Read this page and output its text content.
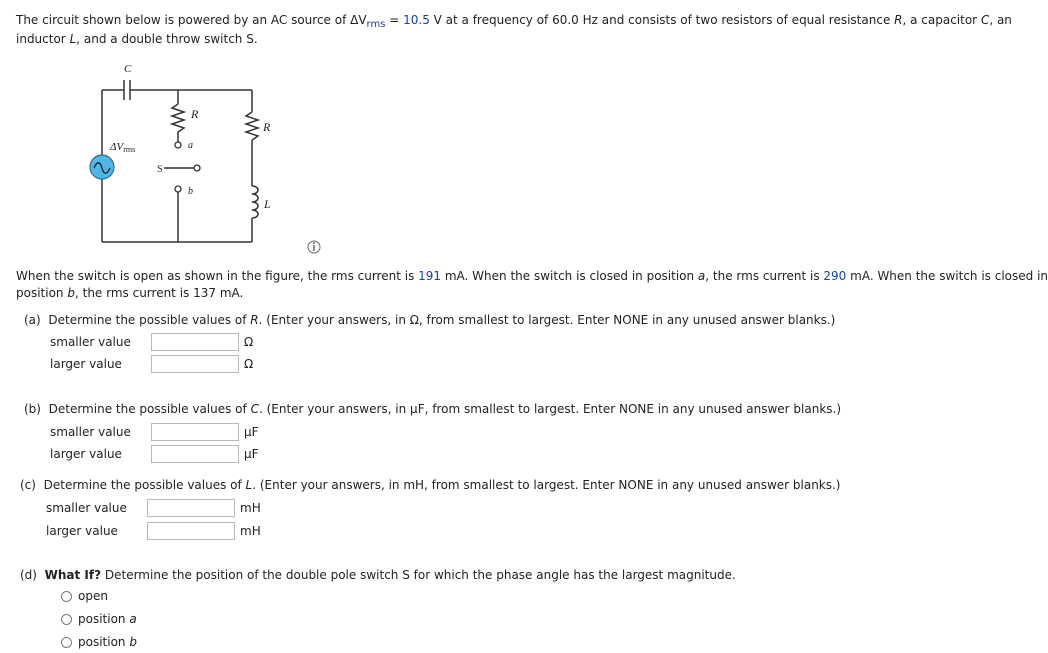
The circuit shown below is powered by an AC source of $\Delta V_{rms} = 10.5$ V at a frequency of 60.0 Hz and consists of two resistors of equal resistance R, a capacitor C, an
inductor L, and a double throw switch S.
C
R
R
a
b
L
S
ΔVrms
When the switch is open as shown in the figure, the rms current is 191 mA. When the switch is closed in position a, the rms current is 290 mA. When the switch is closed in
position b, the rms current is 137 mA.
(a) Determine the possible values of R. (Enter your answers, in Ω, from smallest to largest. Enter NONE in any unused answer blanks.)
smaller value	Ω
larger value	Ω
(b) Determine the possible values of C. (Enter your answers, in μF, from smallest to largest. Enter NONE in any unused answer blanks.)
smaller value	μF
larger value	μF
(c) Determine the possible values of L. (Enter your answers, in mH, from smallest to largest. Enter NONE in any unused answer blanks.)
smaller value	mH
larger value	mH
(d) What If? Determine the position of the double pole switch S for which the phase angle has the largest magnitude.
open
position a
position b
